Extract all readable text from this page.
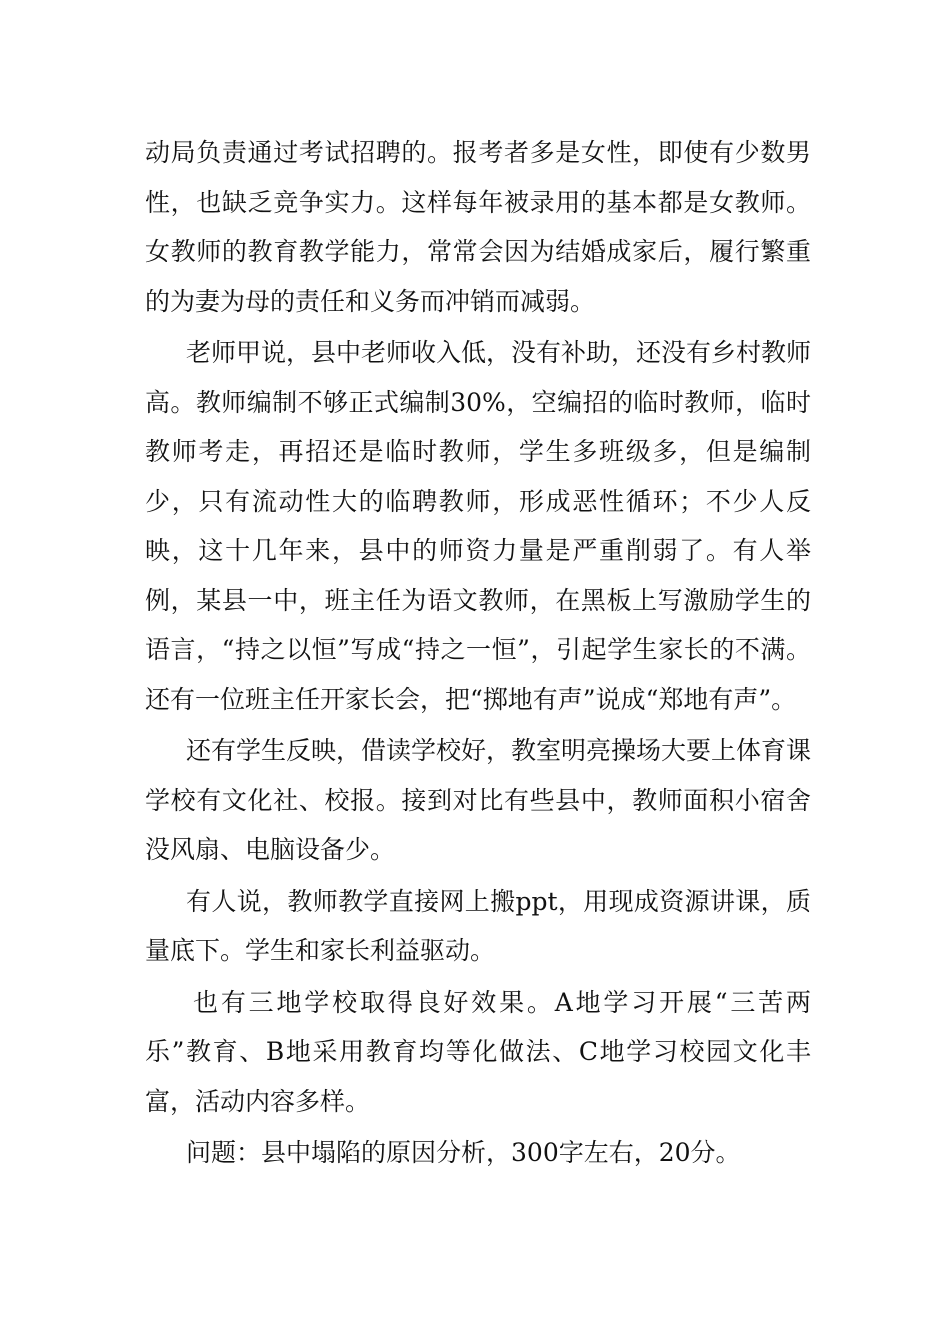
动局负责通过考试招聘的。报考者多是女性，即使有少数男性，也缺乏竞争实力。这样每年被录用的基本都是女教师。女教师的教育教学能力，常常会因为结婚成家后，履行繁重的为妻为母的责任和义务而冲销而减弱。

老师甲说，县中老师收入低，没有补助，还没有乡村教师高。教师编制不够正式编制30%，空编招的临时教师，临时教师考走，再招还是临时教师，学生多班级多，但是编制少，只有流动性大的临聘教师，形成恶性循环；不少人反映，这十几年来，县中的师资力量是严重削弱了。有人举例，某县一中，班主任为语文教师，在黑板上写激励学生的语言，“持之以恒”写成“持之一恒”，引起学生家长的不满。还有一位班主任开家长会，把“掷地有声”说成“郑地有声”。

还有学生反映，借读学校好，教室明亮操场大要上体育课学校有文化社、校报。接到对比有些县中，教师面积小宿舍没风扇、电脑设备少。

有人说，教师教学直接网上搬ppt，用现成资源讲课，质量底下。学生和家长利益驱动。

也有三地学校取得良好效果。A地学习开展“三苦两乐”教育、B地采用教育均等化做法、C地学习校园文化丰富，活动内容多样。

问题：县中塌陷的原因分析，300字左右，20分。
